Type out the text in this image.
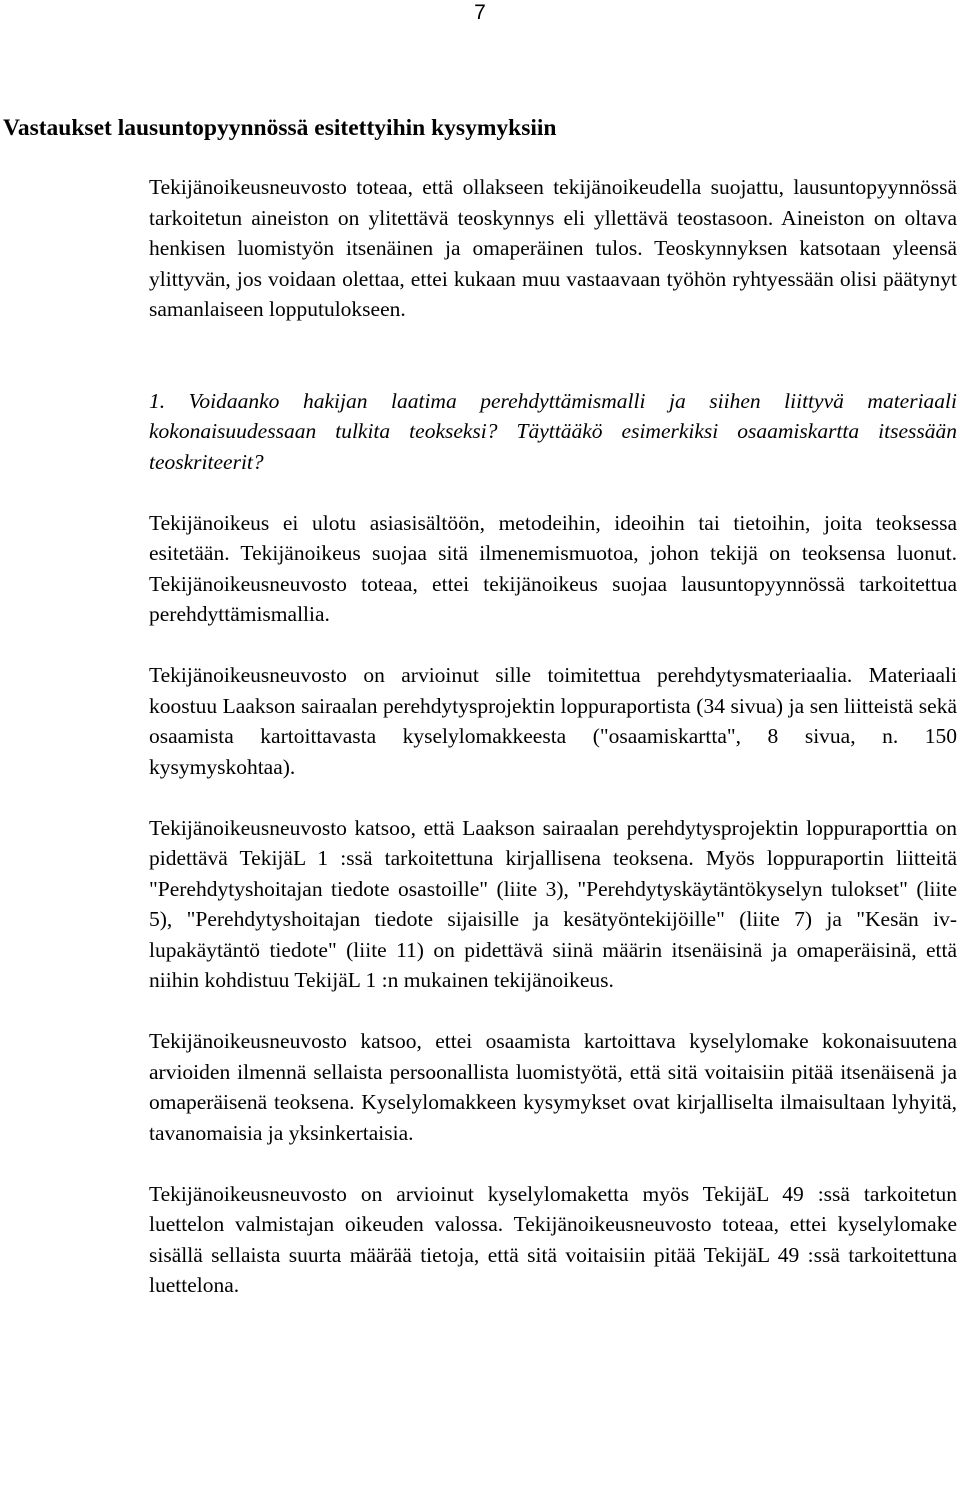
7
Vastaukset lausuntopyynnössä esitettyihin kysymyksiin

Tekijänoikeusneuvosto toteaa, että ollakseen tekijänoikeudella suojattu, lausuntopyynnössä tarkoitetun aineiston on ylitettävä teoskynnys eli yllettävä teostasoon. Aineiston on oltava henkisen luomistyön itsenäinen ja omaperäinen tulos. Teoskynnyksen katsotaan yleensä ylittyvän, jos voidaan olettaa, ettei kukaan muu vastaavaan työhön ryhtyessään olisi päätynyt samanlaiseen lopputulokseen.

1. Voidaanko hakijan laatima perehdyttämismalli ja siihen liittyvä materiaali kokonaisuudessaan tulkita teokseksi? Täyttääkö esimerkiksi osaamiskartta itsessään teoskriteerit?

Tekijänoikeus ei ulotu asiasisältöön, metodeihin, ideoihin tai tietoihin, joita teoksessa esitetään. Tekijänoikeus suojaa sitä ilmenemismuotoa, johon tekijä on teoksensa luonut. Tekijänoikeusneuvosto toteaa, ettei tekijänoikeus suojaa lausuntopyynnössä tarkoitettua perehdyttämismallia.

Tekijänoikeusneuvosto on arvioinut sille toimitettua perehdytysmateriaalia. Materiaali koostuu Laakson sairaalan perehdytysprojektin loppuraportista (34 sivua) ja sen liitteistä sekä osaamista kartoittavasta kyselylomakkeesta ("osaamiskartta", 8 sivua, n. 150 kysymyskohtaa).

Tekijänoikeusneuvosto katsoo, että Laakson sairaalan perehdytysprojektin loppuraporttia on pidettävä TekijäL 1 :ssä tarkoitettuna kirjallisena teoksena. Myös loppuraportin liitteitä "Perehdytyshoitajan tiedote osastoille" (liite 3), "Perehdytyskäytäntökyselyn tulokset" (liite 5), "Perehdytyshoitajan tiedote sijaisille ja kesätyöntekijöille" (liite 7) ja "Kesän iv-lupakäytäntö tiedote" (liite 11) on pidettävä siinä määrin itsenäisinä ja omaperäisinä, että niihin kohdistuu TekijäL 1 :n mukainen tekijänoikeus.

Tekijänoikeusneuvosto katsoo, ettei osaamista kartoittava kyselylomake kokonaisuutena arvioiden ilmennä sellaista persoonallista luomistyötä, että sitä voitaisiin pitää itsenäisenä ja omaperäisenä teoksena. Kyselylomakkeen kysymykset ovat kirjalliselta ilmaisultaan lyhyitä, tavanomaisia ja yksinkertaisia.

Tekijänoikeusneuvosto on arvioinut kyselylomaketta myös TekijäL 49 :ssä tarkoitetun luettelon valmistajan oikeuden valossa. Tekijänoikeusneuvosto toteaa, ettei kyselylomake sisällä sellaista suurta määrää tietoja, että sitä voitaisiin pitää TekijäL 49 :ssä tarkoitettuna luettelona.
